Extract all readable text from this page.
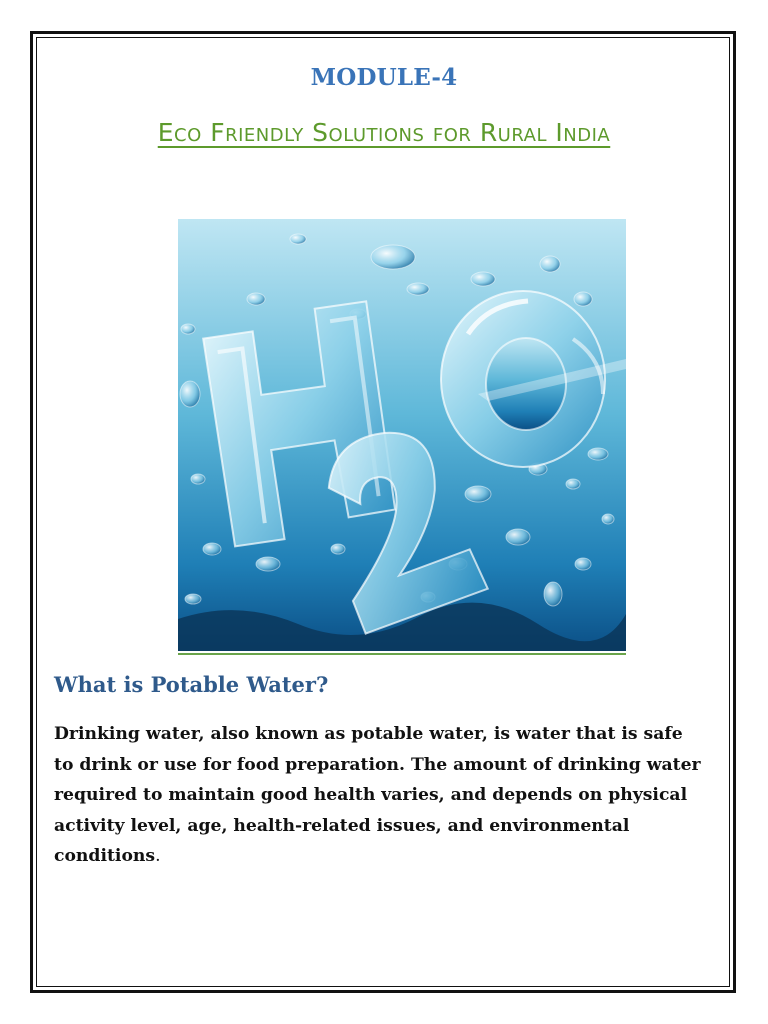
MODULE-4
Eco Friendly Solutions for Rural India
What is Potable Water?
Drinking water, also known as potable water, is water that is safe to drink or use for food preparation. The amount of drinking water required to maintain good health varies, and depends on physical activity level, age, health-related issues, and environmental conditions.
